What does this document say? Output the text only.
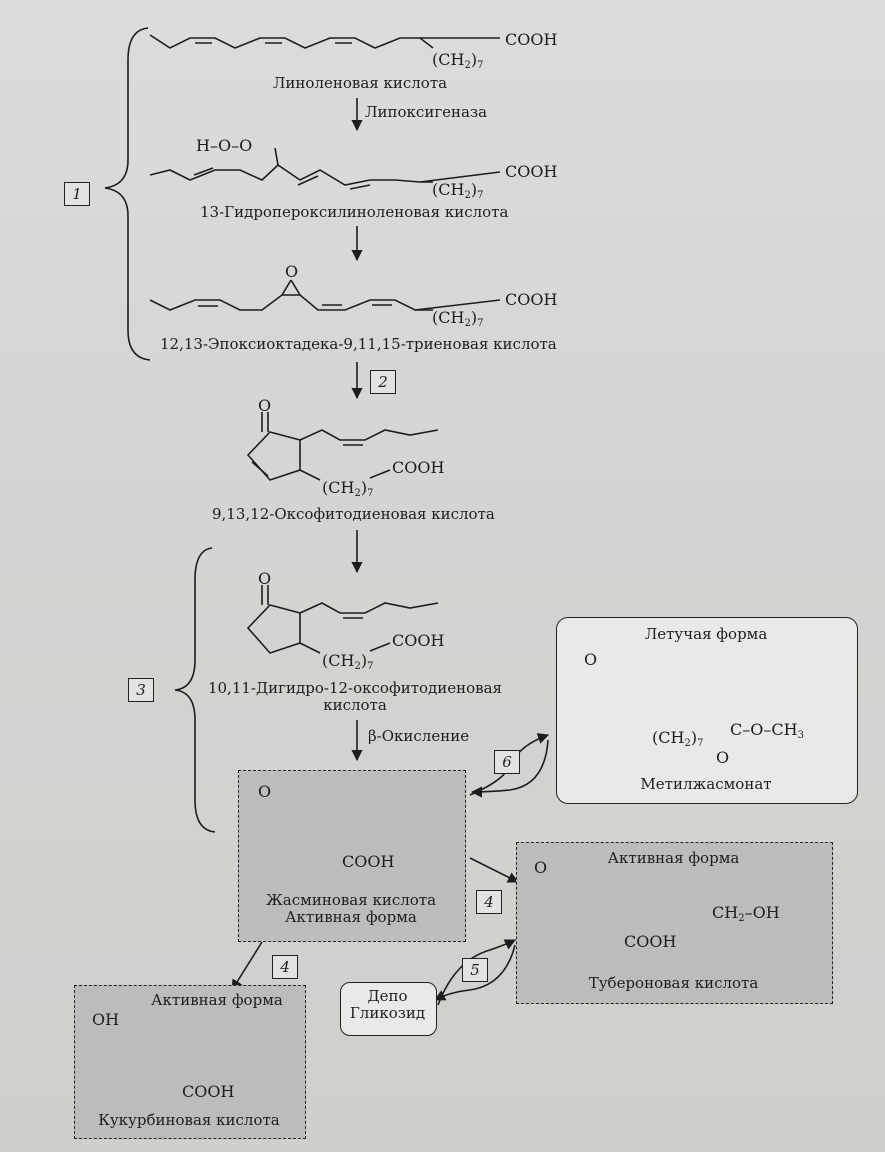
1
2
3
4
4	5
6
COOH
$(CH_2)_7$
Линоленовая кислота
Липоксигеназа
H–O–O
COOH
$(CH_2)_7$
13-Гидропероксилиноленовая кислота
O
COOH
$(CH_2)_7$
12,13-Эпоксиоктадека-9,11,15-триеновая кислота
O
COOH
$(CH_2)_7$
9,13,12-Оксофитодиеновая кислота
O
COOH
$(CH_2)_7$
10,11-Дигидро-12-оксофитодиеновая
кислота
β-Окисление
O
COOH
Жасминовая кислота
Активная форма
Летучая форма
O
$(CH_2)_7$
$C-O-CH_3$
O
Метилжасмонат
Активная форма
O
$CH_2-OH$
COOH
Тубероновая кислота
Депо
Гликозид
Активная форма
OH
COOH
Кукурбиновая кислота
